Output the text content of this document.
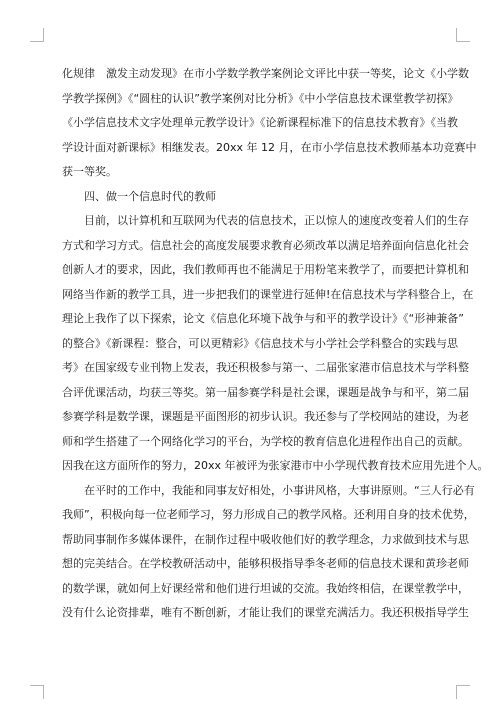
化规律　激发主动发现》在市小学数学教学案例论文评比中获一等奖，论文《小学数
学教学探例》《“圆柱的认识”教学案例对比分析》《中小学信息技术课堂教学初探》
《小学信息技术文字处理单元教学设计》《论新课程标准下的信息技术教育》《当教
学设计面对新课标》相继发表。20xx 年 12 月，在市小学信息技术教师基本功竞赛中
获一等奖。
四、做一个信息时代的教师
目前，以计算机和互联网为代表的信息技术，正以惊人的速度改变着人们的生存
方式和学习方式。信息社会的高度发展要求教育必须改革以满足培养面向信息化社会
创新人才的要求，因此，我们教师再也不能满足于用粉笔来教学了，而要把计算机和
网络当作新的教学工具，进一步把我们的课堂进行延伸!在信息技术与学科整合上，在
理论上我作了以下探索，论文《信息化环境下战争与和平的教学设计》《“形神兼备”
的整合》《新课程：整合，可以更精彩》《信息技术与小学社会学科整合的实践与思
考》在国家级专业刊物上发表，我还积极参与第一、二届张家港市信息技术与学科整
合评优课活动，均获三等奖。第一届参赛学科是社会课，课题是战争与和平，第二届
参赛学科是数学课，课题是平面图形的初步认识。我还参与了学校网站的建设，为老
师和学生搭建了一个网络化学习的平台，为学校的教育信息化进程作出自己的贡献。
因我在这方面所作的努力，20xx 年被评为张家港市中小学现代教育技术应用先进个人。
在平时的工作中，我能和同事友好相处，小事讲风格，大事讲原则。“三人行必有
我师”，积极向每一位老师学习，努力形成自己的教学风格。还利用自身的技术优势，
帮助同事制作多媒体课件，在制作过程中吸收他们好的教学理念，力求做到技术与思
想的完美结合。在学校教研活动中，能够积极指导季冬老师的信息技术课和黄珍老师
的数学课，就如何上好课经常和他们进行坦诚的交流。我始终相信，在课堂教学中，
没有什么论资排辈，唯有不断创新，才能让我们的课堂充满活力。我还积极指导学生
